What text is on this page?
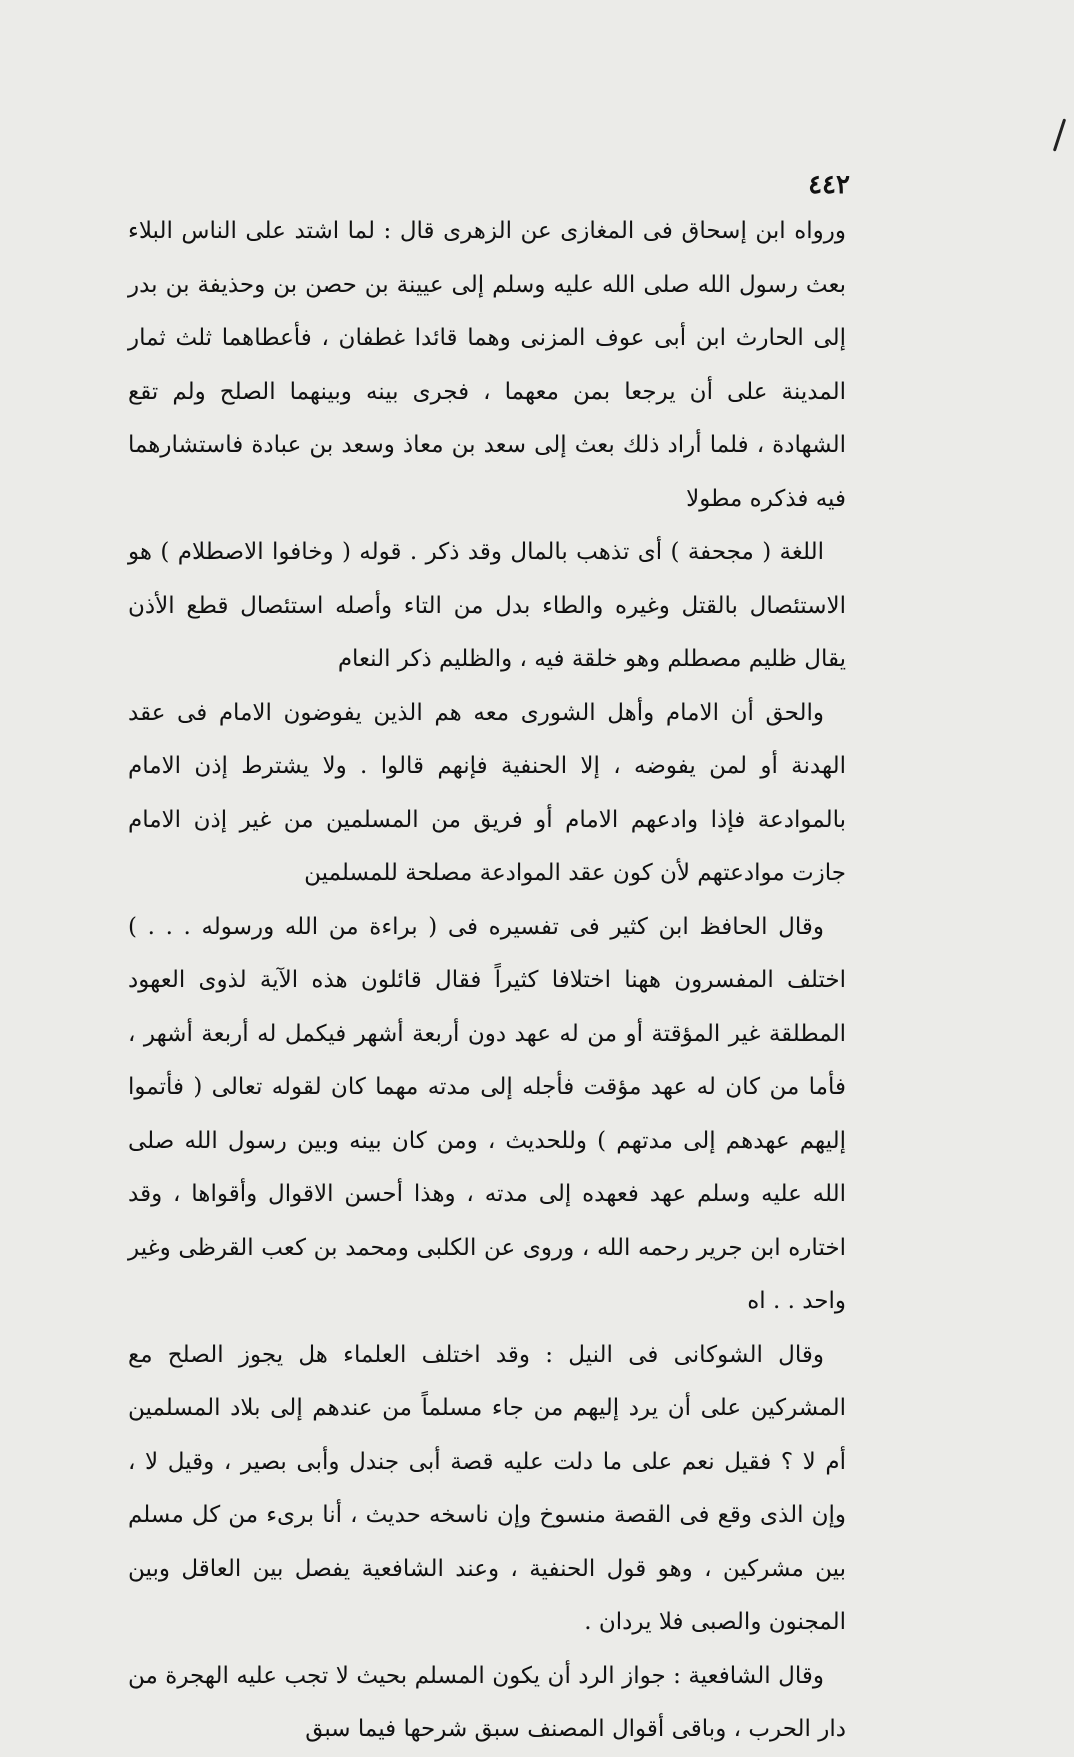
٤٤٢

ورواه ابن إسحاق فى المغازى عن الزهرى قال : لما اشتد على الناس البلاء بعث رسول الله صلى الله عليه وسلم إلى عيينة بن حصن بن وحذيفة بن بدر إلى الحارث ابن أبى عوف المزنى وهما قائدا غطفان ، فأعطاهما ثلث ثمار المدينة على أن يرجعا بمن معهما ، فجرى بينه وبينهما الصلح ولم تقع الشهادة ، فلما أراد ذلك بعث إلى سعد بن معاذ وسعد بن عبادة فاستشارهما فيه فذكره مطولا

اللغة ( مجحفة ) أى تذهب بالمال وقد ذكر . قوله ( وخافوا الاصطلام ) هو الاستئصال بالقتل وغيره والطاء بدل من التاء وأصله استئصال قطع الأذن يقال ظليم مصطلم وهو خلقة فيه ، والظليم ذكر النعام

والحق أن الامام وأهل الشورى معه هم الذين يفوضون الامام فى عقد الهدنة أو لمن يفوضه ، إلا الحنفية فإنهم قالوا . ولا يشترط إذن الامام بالموادعة فإذا وادعهم الامام أو فريق من المسلمين من غير إذن الامام جازت موادعتهم لأن كون عقد الموادعة مصلحة للمسلمين

وقال الحافظ ابن كثير فى تفسيره فى ( براءة من الله ورسوله . . . ) اختلف المفسرون ههنا اختلافا كثيراً فقال قائلون هذه الآية لذوى العهود المطلقة غير المؤقتة أو من له عهد دون أربعة أشهر فيكمل له أربعة أشهر ، فأما من كان له عهد مؤقت فأجله إلى مدته مهما كان لقوله تعالى ( فأتموا إليهم عهدهم إلى مدتهم ) وللحديث ، ومن كان بينه وبين رسول الله صلى الله عليه وسلم عهد فعهده إلى مدته ، وهذا أحسن الاقوال وأقواها ، وقد اختاره ابن جرير رحمه الله ، وروى عن الكلبى ومحمد بن كعب القرظى وغير واحد . . اه

وقال الشوكانى فى النيل : وقد اختلف العلماء هل يجوز الصلح مع المشركين على أن يرد إليهم من جاء مسلماً من عندهم إلى بلاد المسلمين أم لا ؟ فقيل نعم على ما دلت عليه قصة أبى جندل وأبى بصير ، وقيل لا ، وإن الذى وقع فى القصة منسوخ وإن ناسخه حديث ، أنا برىء من كل مسلم بين مشركين ، وهو قول الحنفية ، وعند الشافعية يفصل بين العاقل وبين المجنون والصبى فلا يردان .

وقال الشافعية : جواز الرد أن يكون المسلم بحيث لا تجب عليه الهجرة من دار الحرب ، وباقى أقوال المصنف سبق شرحها فيما سبق
